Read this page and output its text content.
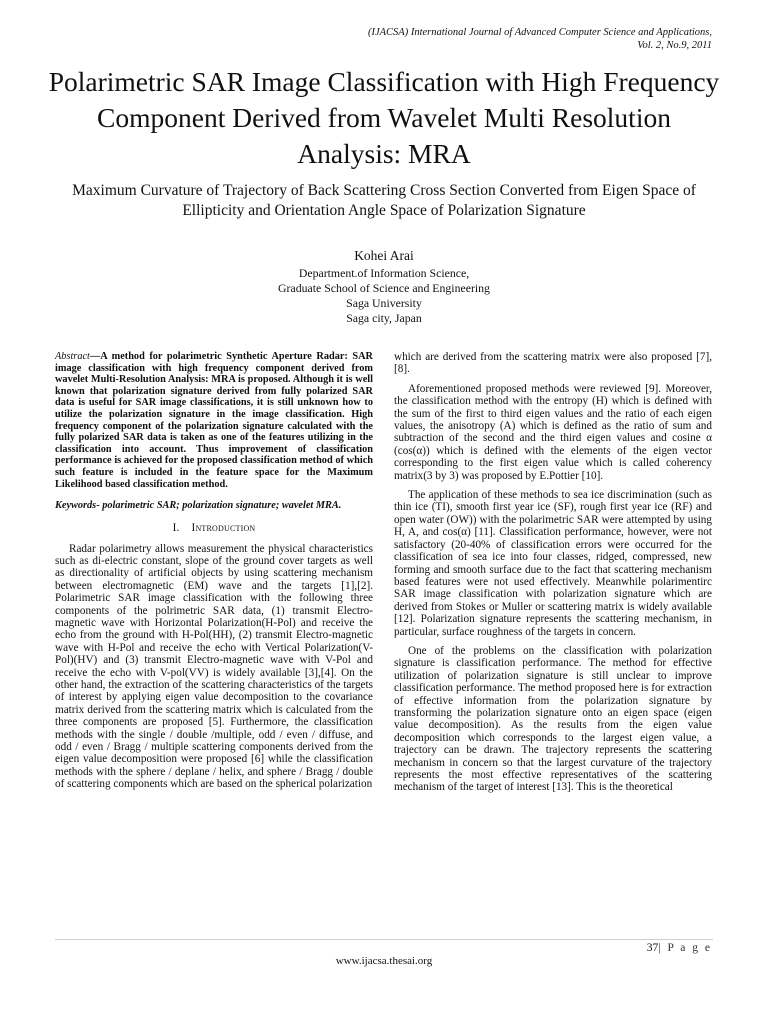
(IJACSA) International Journal of Advanced Computer Science and Applications,
Vol. 2, No.9, 2011
Polarimetric SAR Image Classification with High Frequency Component Derived from Wavelet Multi Resolution Analysis: MRA
Maximum Curvature of Trajectory of Back Scattering Cross Section Converted from Eigen Space of Ellipticity and Orientation Angle Space of Polarization Signature
Kohei Arai
Department.of Information Science,
Graduate School of Science and Engineering
Saga University
Saga city, Japan

Abstract—A method for polarimetric Synthetic Aperture Radar: SAR image classification with high frequency component derived from wavelet Multi-Resolution Analysis: MRA is proposed. Although it is well known that polarization signature derived from fully polarized SAR data is useful for SAR image classifications, it is still unknown how to utilize the polarization signature in the image classification. High frequency component of the polarization signature calculated with the fully polarized SAR data is taken as one of the features utilizing in the classification into account. Thus improvement of classification performance is achieved for the proposed classification method of which such feature is included in the feature space for the Maximum Likelihood based classification method.

Keywords- polarimetric SAR; polarization signature; wavelet MRA.

I. Introduction

Radar polarimetry allows measurement the physical characteristics such as di-electric constant, slope of the ground cover targets as well as directionality of artificial objects by using scattering mechanism between electromagnetic (EM) wave and the targets [1],[2]. Polarimetric SAR image classification with the following three components of the polrimetric SAR data, (1) transmit Electro-magnetic wave with Horizontal Polarization(H-Pol) and receive the echo from the ground with H-Pol(HH), (2) transmit Electro-magnetic wave with H-Pol and receive the echo with Vertical Polarization(V-Pol)(HV) and (3) transmit Electro-magnetic wave with V-Pol and receive the echo with V-pol(VV) is widely available [3],[4]. On the other hand, the extraction of the scattering characteristics of the targets of interest by applying eigen value decomposition to the covariance matrix derived from the scattering matrix which is calculated from the three components are proposed [5]. Furthermore, the classification methods with the single / double /multiple, odd / even / diffuse, and odd / even / Bragg / multiple scattering components derived from the eigen value decomposition were proposed [6] while the classification methods with the sphere / deplane / helix, and sphere / Bragg / double of scattering components which are based on the spherical polarization

which are derived from the scattering matrix were also proposed [7],[8].

Aforementioned proposed methods were reviewed [9]. Moreover, the classification method with the entropy (H) which is defined with the sum of the first to third eigen values and the ratio of each eigen values, the anisotropy (A) which is defined as the ratio of sum and subtraction of the second and the third eigen values and cosine α (cos(α)) which is defined with the elements of the eigen vector corresponding to the first eigen value which is called coherency matrix(3 by 3) was proposed by E.Pottier [10].

The application of these methods to sea ice discrimination (such as thin ice (TI), smooth first year ice (SF), rough first year ice (RF) and open water (OW)) with the polarimetric SAR were attempted by using H, A, and cos(α) [11]. Classification performance, however, were not satisfactory (20-40% of classification errors were occurred for the classification of sea ice into four classes, ridged, compressed, new forming and smooth surface due to the fact that scattering mechanism based features were not used effectively. Meanwhile polarimentirc SAR image classification with polarization signature which are derived from Stokes or Muller or scattering matrix is widely available [12]. Polarization signature represents the scattering mechanism, in particular, surface roughness of the targets in concern.

One of the problems on the classification with polarization signature is classification performance. The method for effective utilization of polarization signature is still unclear to improve classification performance. The method proposed here is for extraction of effective information from the polarization signature by transforming the polarization signature onto an eigen space (eigen value decomposition). As the results from the eigen value decomposition which corresponds to the largest eigen value, a trajectory can be drawn. The trajectory represents the scattering mechanism in concern so that the largest curvature of the trajectory represents the most effective representatives of the scattering mechanism of the target of interest [13]. This is the theoretical

37| P a g e
www.ijacsa.thesai.org
